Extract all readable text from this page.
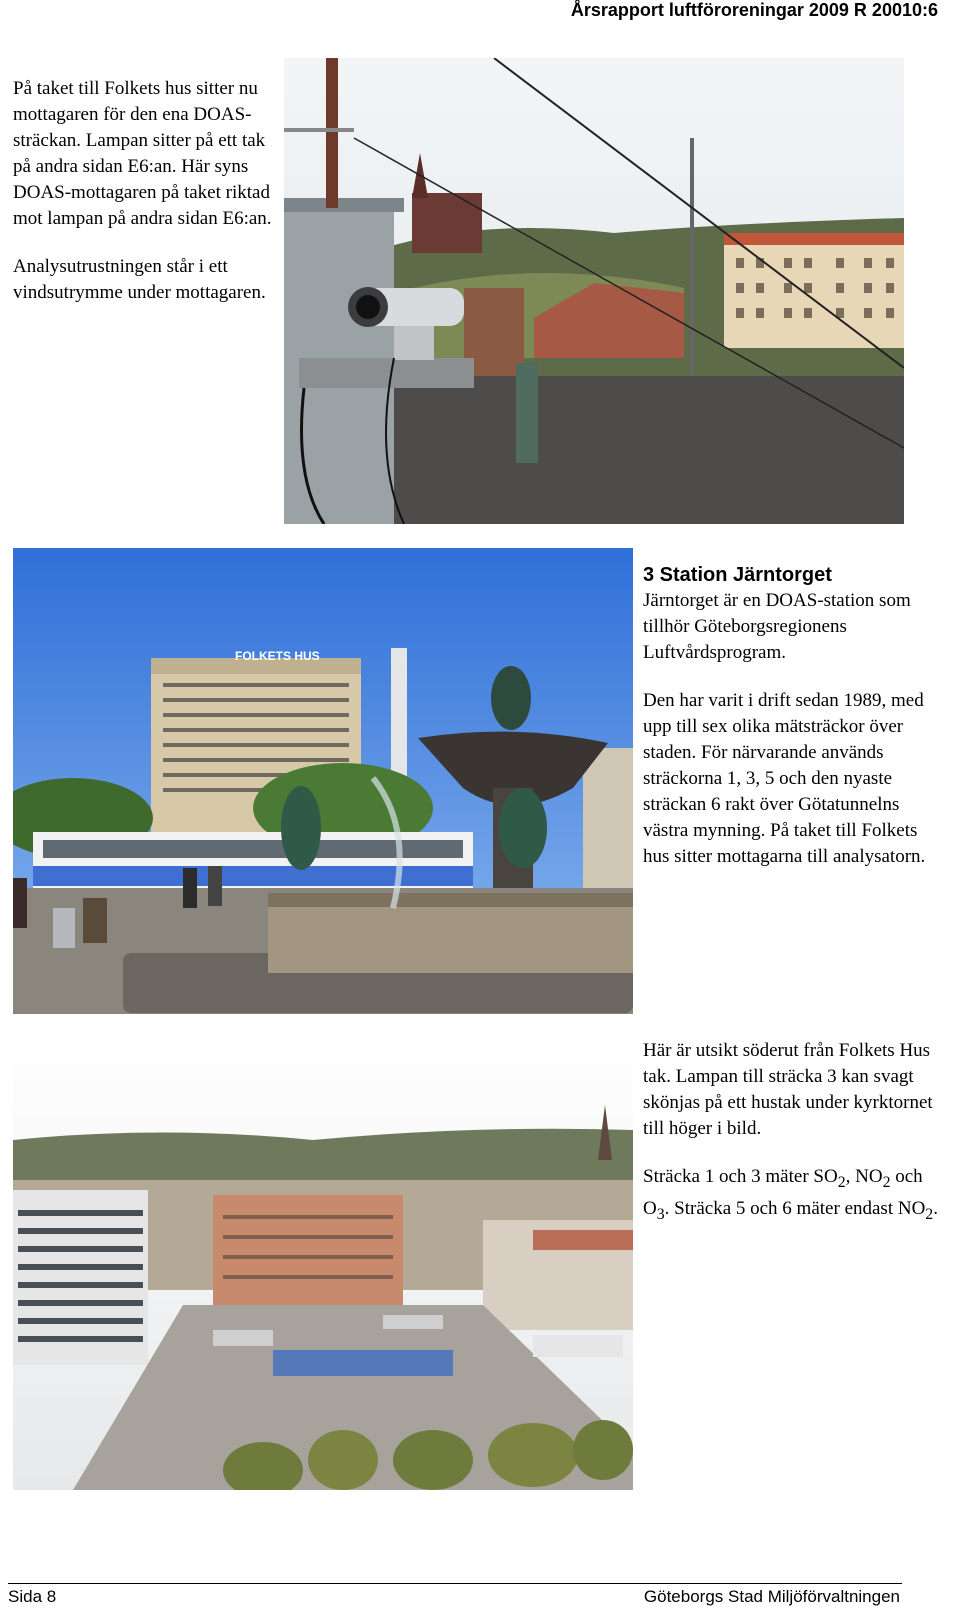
Årsrapport luftföroreningar 2009 R 20010:6

På taket till Folkets hus sitter nu mottagaren för den ena DOAS-sträckan. Lampan sitter på ett tak på andra sidan E6:an. Här syns DOAS-mottagaren på taket riktad mot lampan på andra sidan E6:an.

Analysutrustningen står i ett vindsutrymme under mottagaren.

FOLKETS HUS
3 Station Järntorget

Järntorget är en DOAS-station som tillhör Göteborgsregionens Luftvårdsprogram.

Den har varit i drift sedan 1989, med upp till sex olika mätsträckor över staden. För närvarande används sträckorna 1, 3, 5 och den nyaste sträckan 6 rakt över Götatunnelns västra mynning. På taket till Folkets hus sitter mottagarna till analysatorn.

Här är utsikt söderut från Folkets Hus tak. Lampan till sträcka 3 kan svagt skönjas på ett hustak under kyrktornet till höger i bild.

Sträcka 1 och 3 mäter $SO_2$, $NO_2$ och $O_3$. Sträcka 5 och 6 mäter endast $NO_2$.

Sida 8	Göteborgs Stad Miljöförvaltningen
